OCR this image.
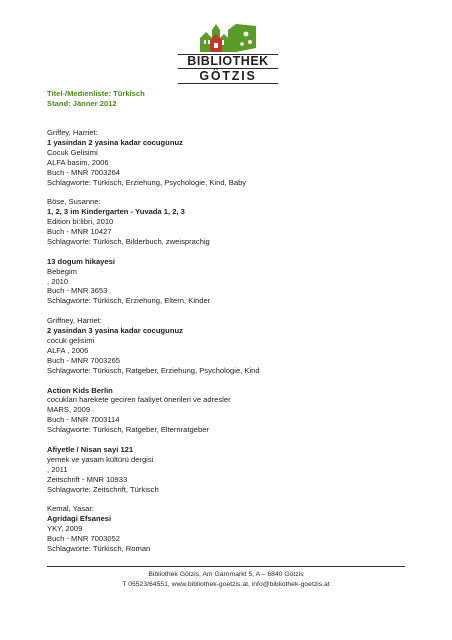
BIBLIOTHEK
GÖTZIS
Titel-/Medienliste: Türkisch
Stand: Jänner 2012
Griffey, Harriet:
1 yasindan 2 yasina kadar cocugunuz
Cocuk Gelisimi
ALFA basim, 2006
Buch - MNR 7003264
Schlagworte: Türkisch, Erziehung, Psychologie, Kind, Baby
Böse, Susanne:
1, 2, 3 im Kindergarten - Yuvada 1, 2, 3
Edition bi:libri, 2010
Buch - MNR 10427
Schlagworte: Türkisch, Bilderbuch, zweisprachig
13 dogum hikayesi
Bebegim
, 2010
Buch - MNR 3653
Schlagworte: Türkisch, Erziehung, Eltern, Kinder
Griffney, Harriet:
2 yasindan 3 yasina kadar cocugunuz
cocuk gelisimi
ALFA , 2006
Buch - MNR 7003265
Schlagworte: Türkisch, Ratgeber, Erziehung, Psychologie, Kind
Action Kids Berlin
cocuklari harekete geciren faaliyet önerileri ve adresler
MARS, 2009
Buch - MNR 7003114
Schlagworte: Türkisch, Ratgeber, Elternratgeber
Afiyetle / Nisan sayi 121
yemek ve yasam kültürü dergisi
, 2011
Zeitschrift - MNR 10933
Schlagworte: Zeitschrift, Türkisch
Kemal, Yasar:
Agridagi Efsanesi
YKY, 2009
Buch - MNR 7003052
Schlagworte: Türkisch, Roman
Bibliothek Götzis, Am Garnmarkt 5, A – 6840 Götzis
T 05523/64551, www.bibliothek-goetzis.at, info@bibliothek-goetzis.at
